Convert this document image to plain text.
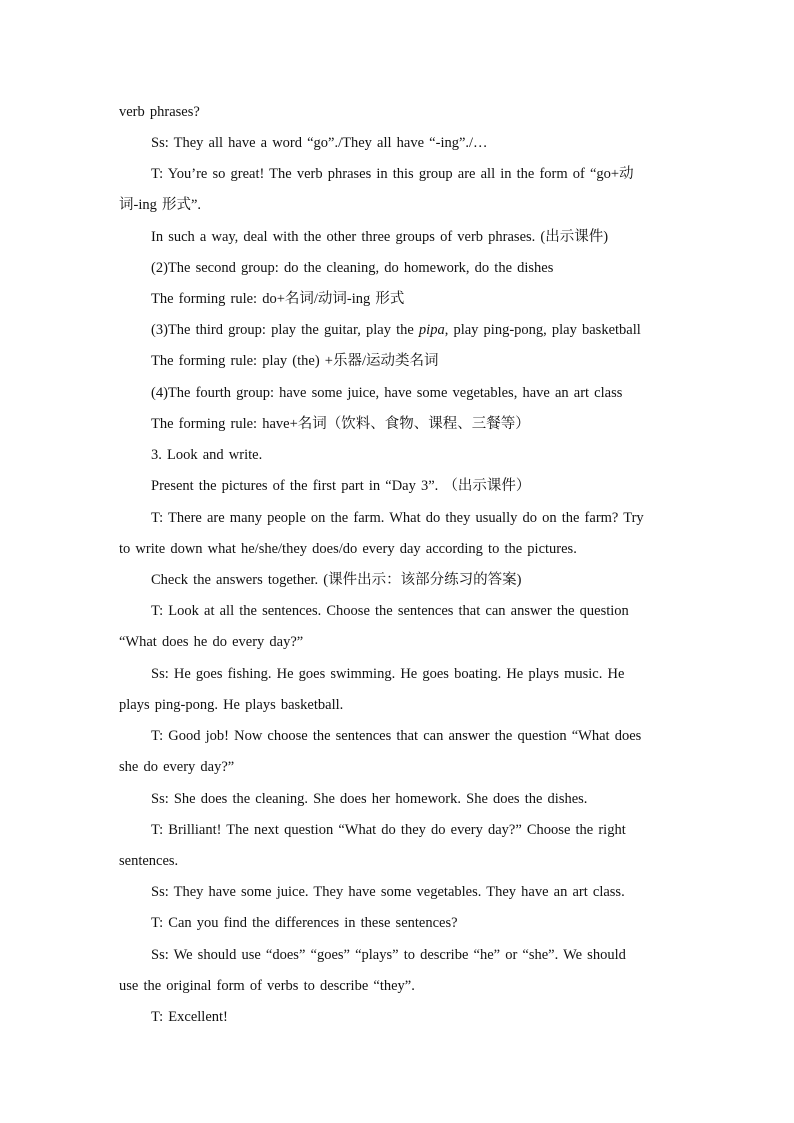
verb phrases?
Ss: They all have a word “go”./They all have “-ing”./…
T: You’re so great! The verb phrases in this group are all in the form of “go+动
词-ing 形式”.
In such a way, deal with the other three groups of verb phrases. (出示课件)
(2)The second group: do the cleaning, do homework, do the dishes
The forming rule: do+名词/动词-ing 形式
(3)The third group: play the guitar, play the pipa, play ping-pong, play basketball
The forming rule: play (the) +乐器/运动类名词
(4)The fourth group: have some juice, have some vegetables, have an art class
The forming rule: have+名词（饮料、食物、课程、三餐等）
3. Look and write.
Present the pictures of the first part in “Day 3”. （出示课件）
T: There are many people on the farm. What do they usually do on the farm? Try
to write down what he/she/they does/do every day according to the pictures.
Check the answers together. (课件出示：该部分练习的答案)
T: Look at all the sentences. Choose the sentences that can answer the question
“What does he do every day?”
Ss: He goes fishing. He goes swimming. He goes boating. He plays music. He
plays ping-pong. He plays basketball.
T: Good job! Now choose the sentences that can answer the question “What does
she do every day?”
Ss: She does the cleaning. She does her homework. She does the dishes.
T: Brilliant! The next question “What do they do every day?” Choose the right
sentences.
Ss: They have some juice. They have some vegetables. They have an art class.
T: Can you find the differences in these sentences?
Ss: We should use “does” “goes” “plays” to describe “he” or “she”. We should
use the original form of verbs to describe “they”.
T: Excellent!
